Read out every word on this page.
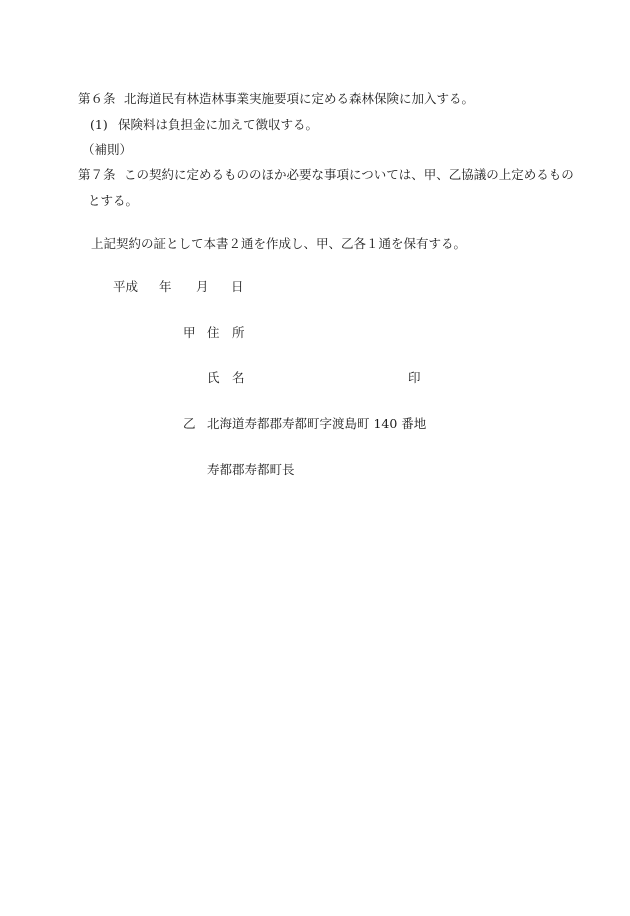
第６条 北海道民有林造林事業実施要項に定める森林保険に加入する。
(1) 保険料は負担金に加えて徴収する。
（補則）
第７条 この契約に定めるもののほか必要な事項については、甲、乙協議の上定めるもの
とする。
上記契約の証として本書２通を作成し、甲、乙各１通を保有する。
平成 年 月 日
甲 住　所
氏　名	印
乙 北海道寿都郡寿都町字渡島町 140 番地
寿都郡寿都町長
